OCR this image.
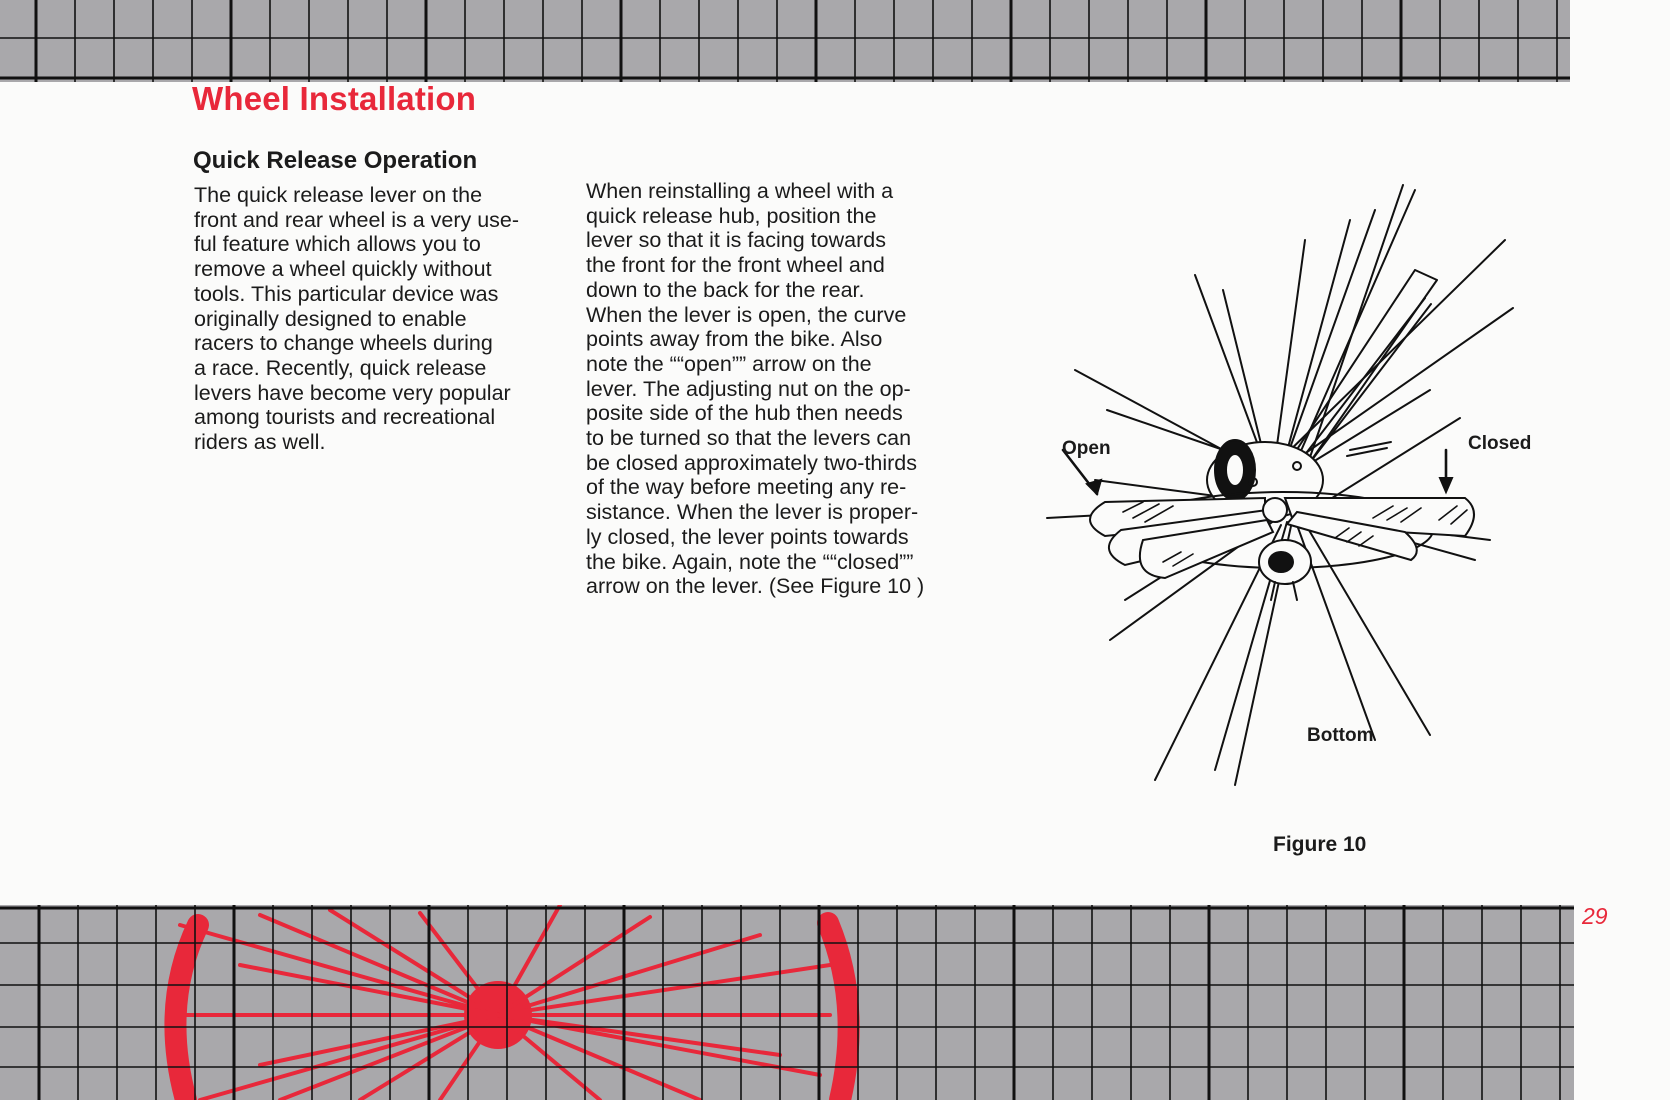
Wheel Installation
Quick Release Operation

The quick release lever on the
front and rear wheel is a very use-
ful feature which allows you to
remove a wheel quickly without
tools. This particular device was
originally designed to enable
racers to change wheels during
a race. Recently, quick release
levers have become very popular
among tourists and recreational
riders as well.

When reinstalling a wheel with a
quick release hub, position the
lever so that it is facing towards
the front for the front wheel and
down to the back for the rear.
When the lever is open, the curve
points away from the bike. Also
note the ““open”” arrow on the
lever. The adjusting nut on the op-
posite side of the hub then needs
to be turned so that the levers can
be closed approximately two-thirds
of the way before meeting any re-
sistance. When the lever is proper-
ly closed, the lever points towards
the bike. Again, note the ““closed””
arrow on the lever. (See Figure 10 )

Open	Closed
Bottom
Figure 10
29
